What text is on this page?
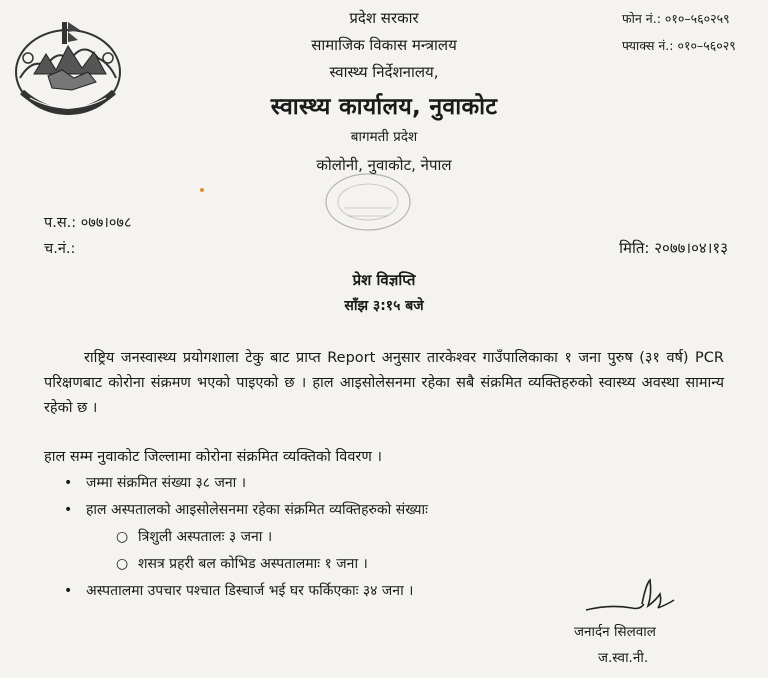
प्रदेश सरकार
सामाजिक विकास मन्त्रालय
स्वास्थ्य निर्देशनालय,
स्वास्थ्य कार्यालय, नुवाकोट
बागमती प्रदेश
कोलोनी, नुवाकोट, नेपाल
फोन नं.: ०१०–५६०२५९
फ्याक्स नं.: ०१०–५६०२९
प.स.: ०७७।०७८
च.नं.:	मिति: २०७७।०४।१३
प्रेश विज्ञप्ति
साँझ ३:१५ बजे
राष्ट्रिय जनस्वास्थ्य प्रयोगशाला टेकु बाट प्राप्त Report अनुसार तारकेश्वर गाउँपालिकाका १ जना पुरुष (३१ वर्ष) PCR परिक्षणबाट कोरोना संक्रमण भएको पाइएको छ । हाल आइसोलेसनमा रहेका सबै संक्रमित व्यक्तिहरुको स्वास्थ्य अवस्था सामान्य रहेको छ ।
हाल सम्म नुवाकोट जिल्लामा कोरोना संक्रमित व्यक्तिको विवरण ।
• जम्मा संक्रमित संख्या ३८ जना ।
• हाल अस्पतालको आइसोलेसनमा रहेका संक्रमित व्यक्तिहरुको संख्याः
○ त्रिशुली अस्पतालः ३ जना ।
○ शसत्र प्रहरी बल कोभिड अस्पतालमाः १ जना ।
• अस्पतालमा उपचार पश्चात डिस्चार्ज भई घर फर्किएकाः ३४ जना ।
जनार्दन सिलवाल
ज.स्वा.नी.
